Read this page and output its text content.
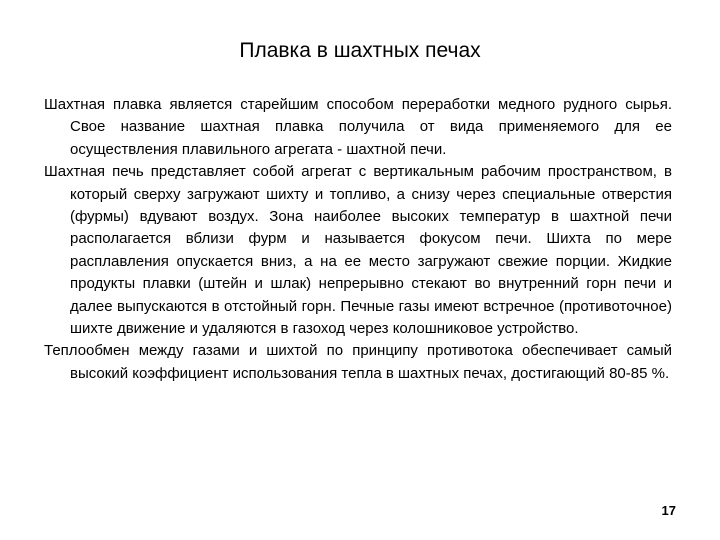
Плавка в шахтных печах

Шахтная плавка является старейшим способом переработки медного рудного сырья. Свое название шахтная плавка получила от вида применяемого для ее осуществления плавильного агрегата - шахтной печи.

Шахтная печь представляет собой агрегат с вертикальным рабочим пространством, в который сверху загружают шихту и топливо, а снизу через специальные отверстия (фурмы) вдувают воздух. Зона наиболее высоких температур в шахтной печи располагается вблизи фурм и называется фокусом печи. Шихта по мере расплавления опускается вниз, а на ее место загружают свежие порции. Жидкие продукты плавки (штейн и шлак) непрерывно стекают во внутренний горн печи и далее выпускаются в отстойный горн. Печные газы имеют встречное (противоточное) шихте движение и удаляются в газоход через колошниковое устройство.

Теплообмен между газами и шихтой по принципу противотока обеспечивает самый высокий коэффициент использования тепла в шахтных печах, достигающий 80-85 %.

17
